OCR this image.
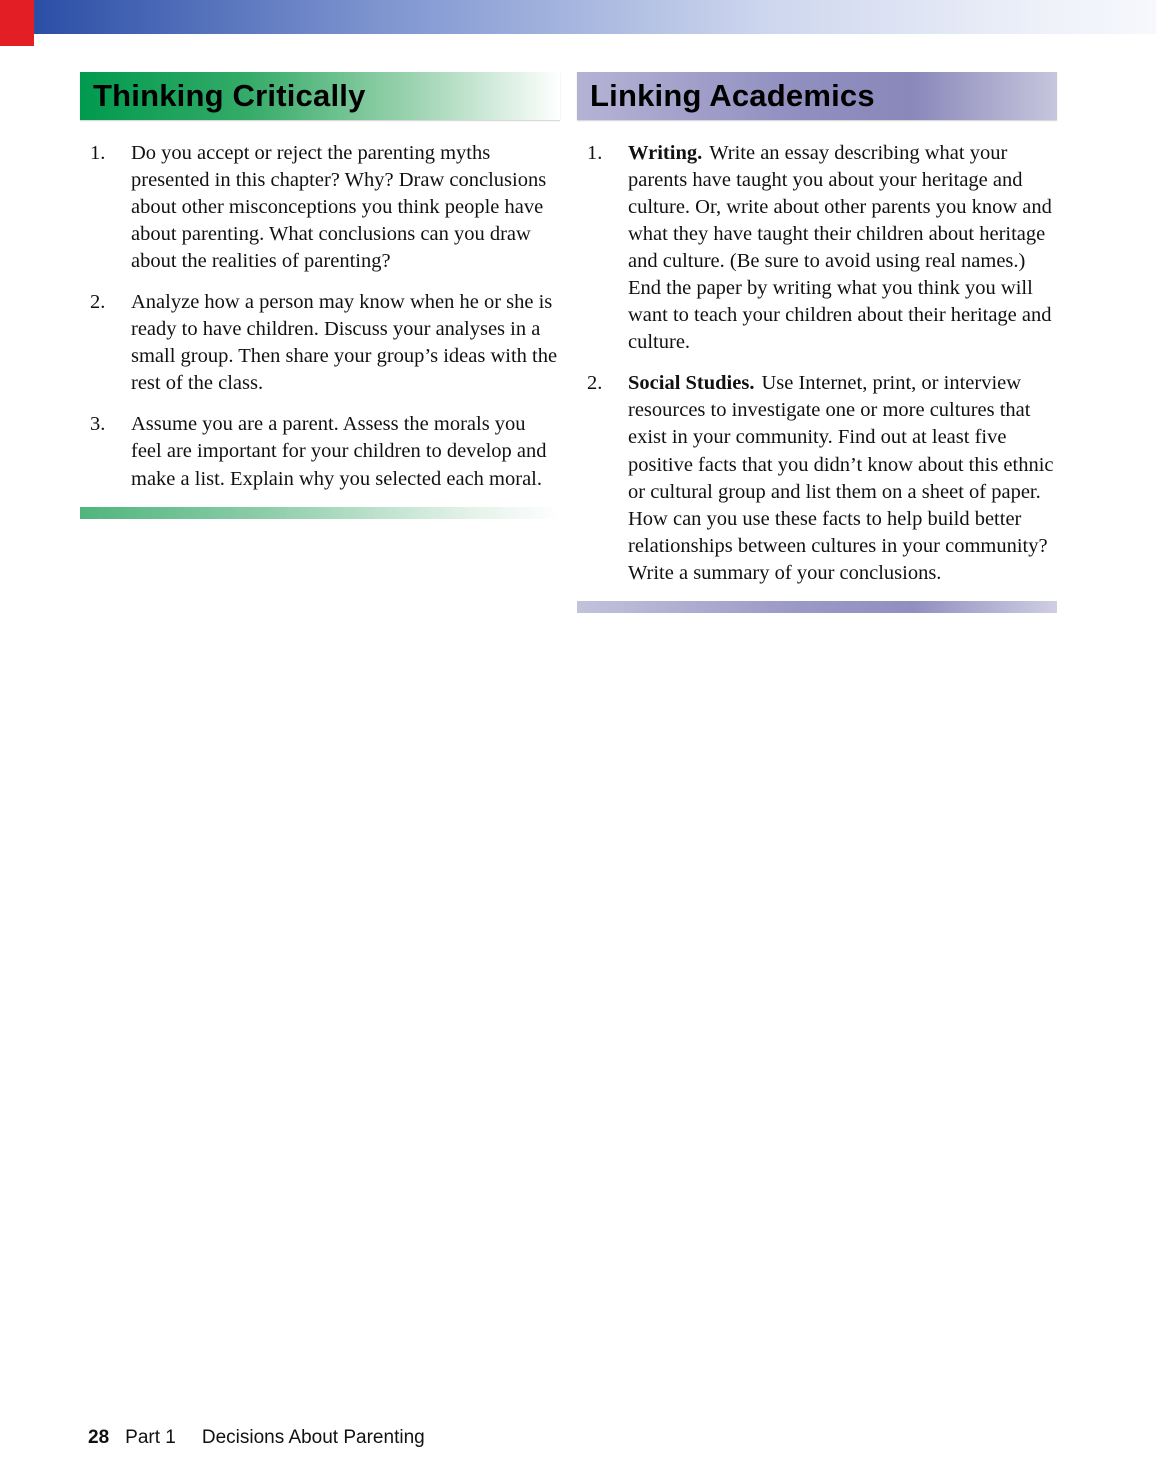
Thinking Critically
1.	Do you accept or reject the parenting myths presented in this chapter? Why? Draw conclusions about other misconceptions you think people have about parenting. What conclusions can you draw about the realities of parenting?
2.	Analyze how a person may know when he or she is ready to have children. Discuss your analyses in a small group. Then share your group’s ideas with the rest of the class.
3.	Assume you are a parent. Assess the morals you feel are important for your children to develop and make a list. Explain why you selected each moral.
Linking Academics
1.	Writing. Write an essay describing what your parents have taught you about your heritage and culture. Or, write about other parents you know and what they have taught their children about heritage and culture. (Be sure to avoid using real names.) End the paper by writing what you think you will want to teach your children about their heritage and culture.
2.	Social Studies. Use Internet, print, or interview resources to investigate one or more cultures that exist in your community. Find out at least five positive facts that you didn’t know about this ethnic or cultural group and list them on a sheet of paper. How can you use these facts to help build better relationships between cultures in your community? Write a summary of your conclusions.
28 Part 1 Decisions About Parenting
